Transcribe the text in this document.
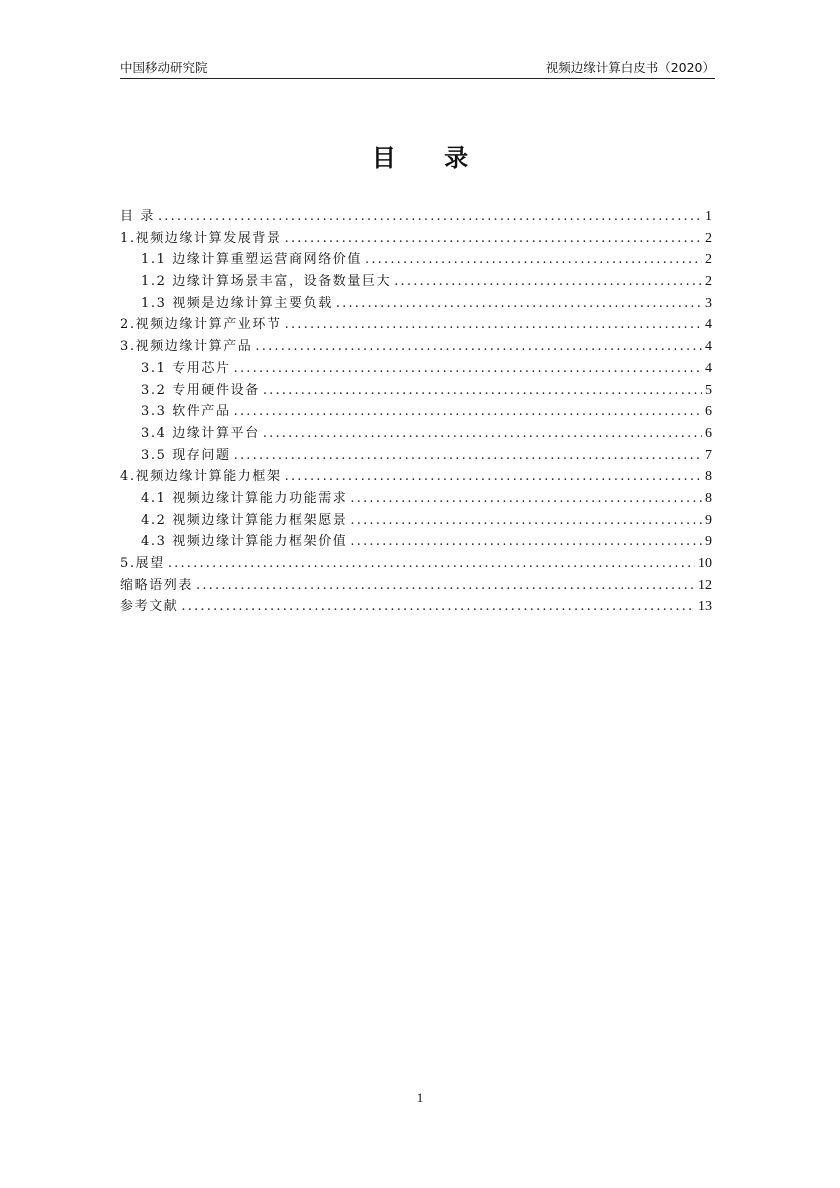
中国移动研究院	视频边缘计算白皮书（2020）
目 录
目 录 .....	1
1.视频边缘计算发展背景 .....	2
1.1 边缘计算重塑运营商网络价值 .....	2
1.2 边缘计算场景丰富，设备数量巨大 .....	2
1.3 视频是边缘计算主要负载 .....	3
2.视频边缘计算产业环节 .....	4
3.视频边缘计算产品 .....	4
3.1 专用芯片 .....	4
3.2 专用硬件设备 .....	5
3.3 软件产品 .....	6
3.4 边缘计算平台 .....	6
3.5 现存问题 .....	7
4.视频边缘计算能力框架 .....	8
4.1 视频边缘计算能力功能需求 .....	8
4.2 视频边缘计算能力框架愿景 .....	9
4.3 视频边缘计算能力框架价值 .....	9
5.展望 .....	10
缩略语列表 .....	12
参考文献 .....	13
1
